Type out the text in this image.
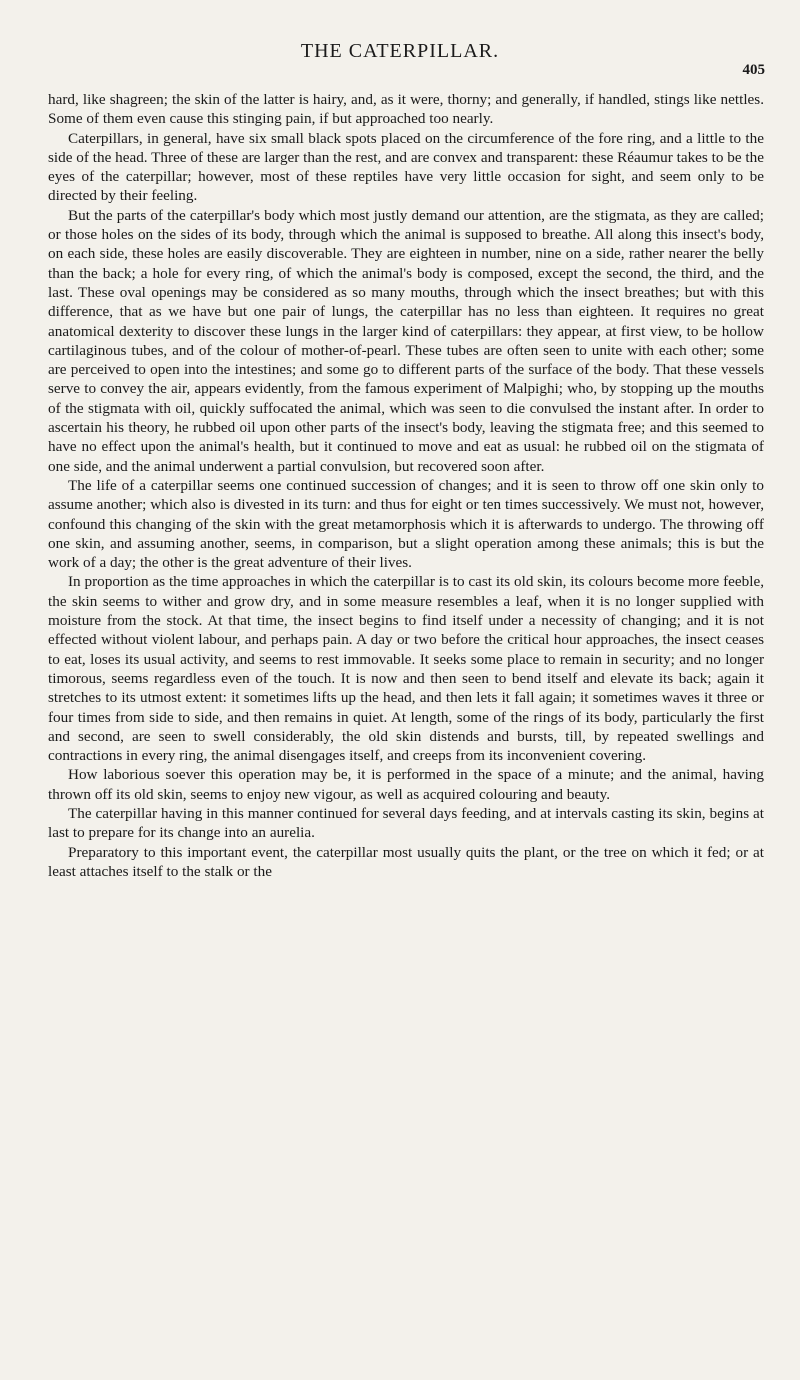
THE CATERPILLAR.
405

hard, like shagreen; the skin of the latter is hairy, and, as it were, thorny; and generally, if handled, stings like nettles. Some of them even cause this stinging pain, if but approached too nearly.

Caterpillars, in general, have six small black spots placed on the circumference of the fore ring, and a little to the side of the head. Three of these are larger than the rest, and are convex and transparent: these Réaumur takes to be the eyes of the caterpillar; however, most of these reptiles have very little occasion for sight, and seem only to be directed by their feeling.

But the parts of the caterpillar's body which most justly demand our attention, are the stigmata, as they are called; or those holes on the sides of its body, through which the animal is supposed to breathe. All along this insect's body, on each side, these holes are easily discoverable. They are eighteen in number, nine on a side, rather nearer the belly than the back; a hole for every ring, of which the animal's body is composed, except the second, the third, and the last. These oval openings may be considered as so many mouths, through which the insect breathes; but with this difference, that as we have but one pair of lungs, the caterpillar has no less than eighteen. It requires no great anatomical dexterity to discover these lungs in the larger kind of caterpillars: they appear, at first view, to be hollow cartilaginous tubes, and of the colour of mother-of-pearl. These tubes are often seen to unite with each other; some are perceived to open into the intestines; and some go to different parts of the surface of the body. That these vessels serve to convey the air, appears evidently, from the famous experiment of Malpighi; who, by stopping up the mouths of the stigmata with oil, quickly suffocated the animal, which was seen to die convulsed the instant after. In order to ascertain his theory, he rubbed oil upon other parts of the insect's body, leaving the stigmata free; and this seemed to have no effect upon the animal's health, but it continued to move and eat as usual: he rubbed oil on the stigmata of one side, and the animal underwent a partial convulsion, but recovered soon after.

The life of a caterpillar seems one continued succession of changes; and it is seen to throw off one skin only to assume another; which also is divested in its turn: and thus for eight or ten times successively. We must not, however, confound this changing of the skin with the great metamorphosis which it is afterwards to undergo. The throwing off one skin, and assuming another, seems, in comparison, but a slight operation among these animals; this is but the work of a day; the other is the great adventure of their lives.

In proportion as the time approaches in which the caterpillar is to cast its old skin, its colours become more feeble, the skin seems to wither and grow dry, and in some measure resembles a leaf, when it is no longer supplied with moisture from the stock. At that time, the insect begins to find itself under a necessity of changing; and it is not effected without violent labour, and perhaps pain. A day or two before the critical hour approaches, the insect ceases to eat, loses its usual activity, and seems to rest immovable. It seeks some place to remain in security; and no longer timorous, seems regardless even of the touch. It is now and then seen to bend itself and elevate its back; again it stretches to its utmost extent: it sometimes lifts up the head, and then lets it fall again; it sometimes waves it three or four times from side to side, and then remains in quiet. At length, some of the rings of its body, particularly the first and second, are seen to swell considerably, the old skin distends and bursts, till, by repeated swellings and contractions in every ring, the animal disengages itself, and creeps from its inconvenient covering.

How laborious soever this operation may be, it is performed in the space of a minute; and the animal, having thrown off its old skin, seems to enjoy new vigour, as well as acquired colouring and beauty.

The caterpillar having in this manner continued for several days feeding, and at intervals casting its skin, begins at last to prepare for its change into an aurelia.

Preparatory to this important event, the caterpillar most usually quits the plant, or the tree on which it fed; or at least attaches itself to the stalk or the
